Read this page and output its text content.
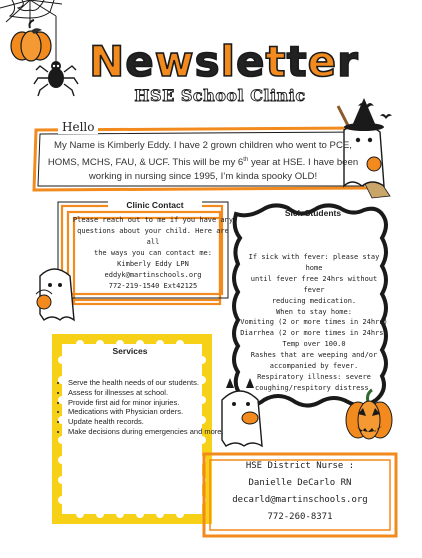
Newsletter
HSE School Clinic
Hello
My Name is Kimberly Eddy. I have 2 grown children who went to PCE, HOMS, MCHS, FAU, & UCF. This will be my 6th year at HSE. I have been working in nursing since 1995, I’m kinda spooky OLD!
Clinic Contact
Please reach out to me if you have any
questions about your child. Here are all
the ways you can contact me:
Kimberly Eddy LPN
eddyk@martinschools.org
772-219-1540 Ext42125
Sick Students
If sick with fever: please stay home
until fever free 24hrs without fever
reducing medication.
When to stay home:
Vomiting (2 or more times in 24hrs)
Diarrhea (2 or more times in 24hrs)
Temp over 100.0
Rashes that are weeping and/or
accompanied by fever.
Respiratory illness: severe
coughing/respitory distress.
Services
• Serve the health needs of our students.
• Assess for illnesses at school.
• Provide first aid for minor injuries.
• Medications with Physician orders.
• Update health records.
• Make decisions during emergencies and more.
HSE District Nurse :
Danielle DeCarlo RN
decarld@martinschools.org
772-260-8371
